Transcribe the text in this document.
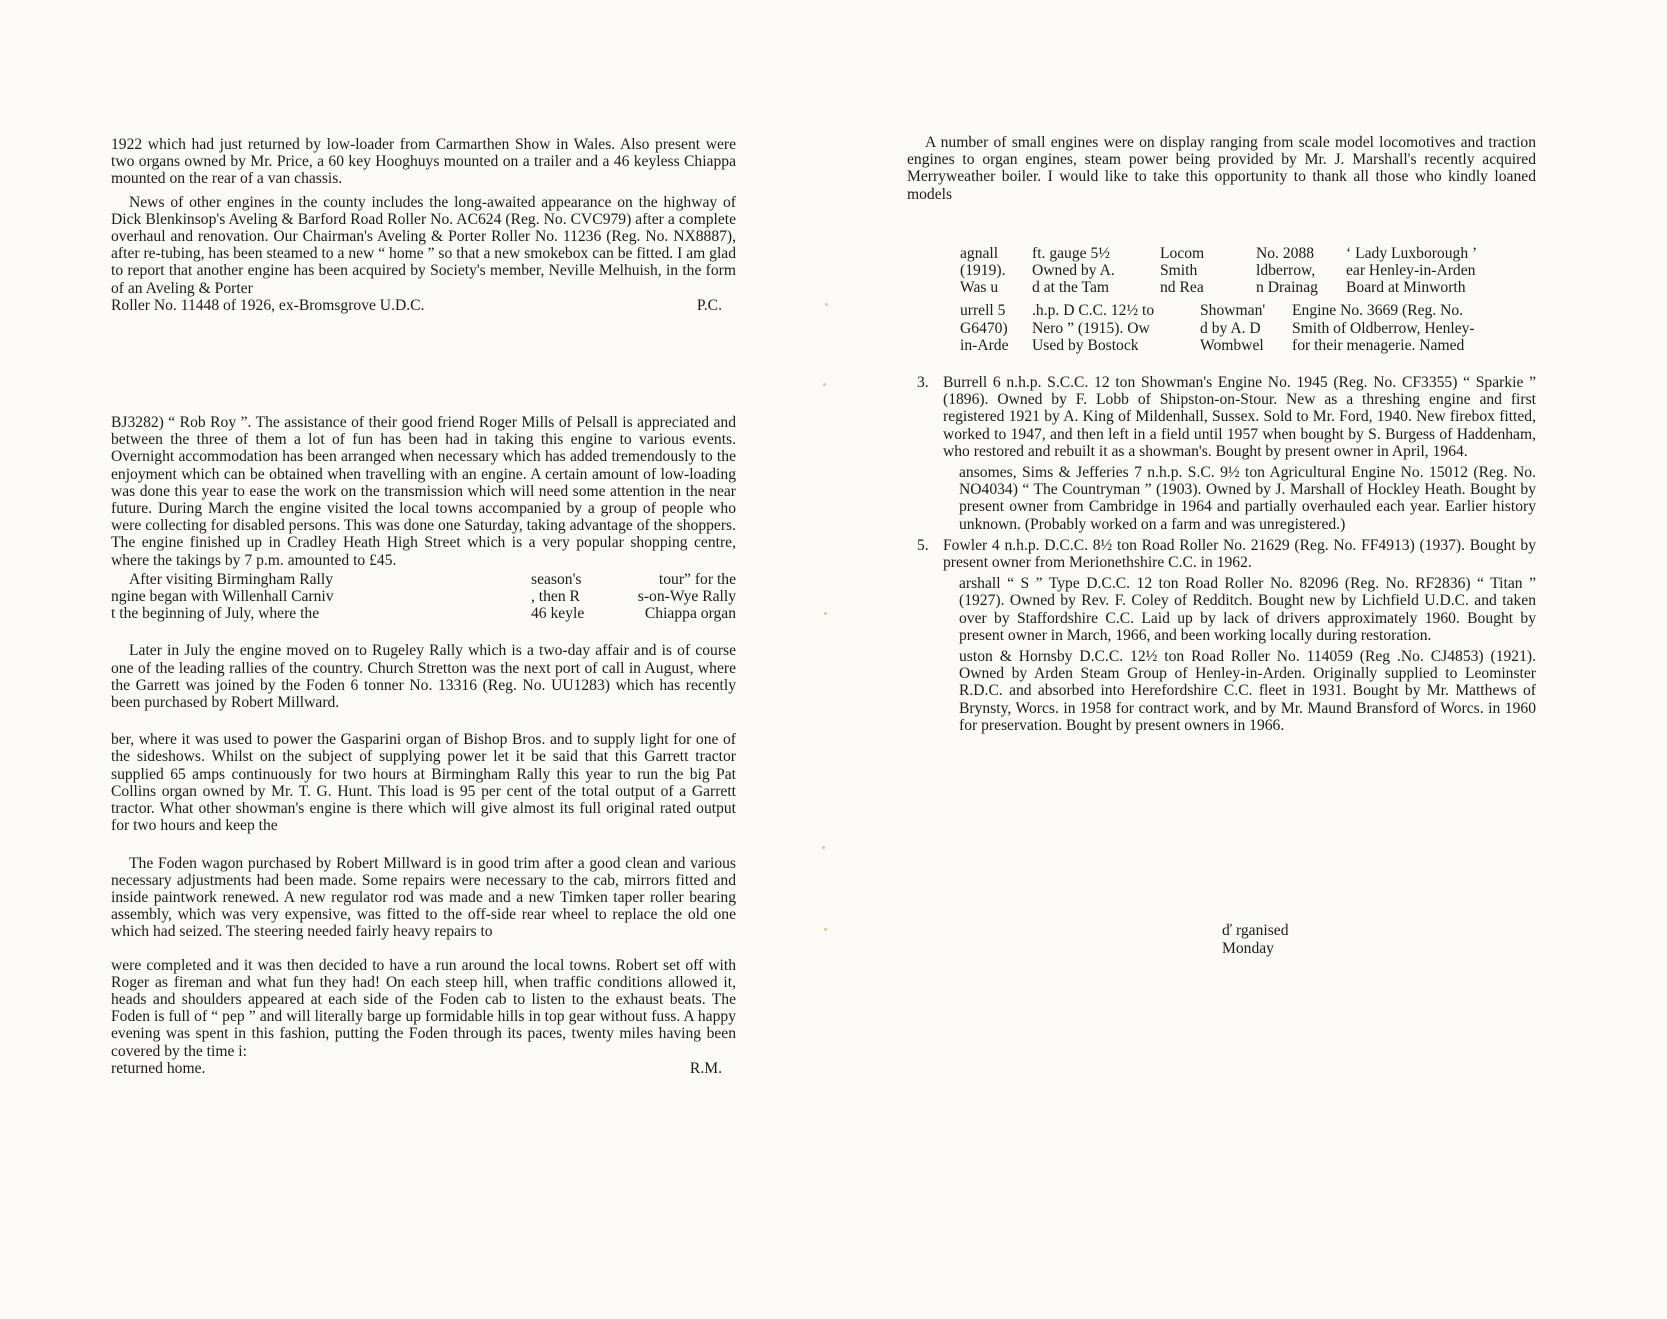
1922 which had just returned by low-loader from Carmarthen Show in Wales. Also present were two organs owned by Mr. Price, a 60 key Hooghuys mounted on a trailer and a 46 keyless Chiappa mounted on the rear of a van chassis.

News of other engines in the county includes the long-awaited appearance on the highway of Dick Blenkinsop's Aveling & Barford Road Roller No. AC624 (Reg. No. CVC979) after a complete overhaul and renovation. Our Chairman's Aveling & Porter Roller No. 11236 (Reg. No. NX8887), after re-tubing, has been steamed to a new “ home ” so that a new smokebox can be fitted. I am glad to report that another engine has been acquired by Society's member, Neville Melhuish, in the form of an Aveling & Porter

Roller No. 11448 of 1926, ex-Bromsgrove U.D.C.	P.C.

BJ3282) “ Rob Roy ”. The assistance of their good friend Roger Mills of Pelsall is appreciated and between the three of them a lot of fun has been had in taking this engine to various events. Overnight accommodation has been arranged when necessary which has added tremendously to the enjoyment which can be obtained when travelling with an engine. A certain amount of low-loading was done this year to ease the work on the transmission which will need some attention in the near future. During March the engine visited the local towns accompanied by a group of people who were collecting for disabled persons. This was done one Saturday, taking advantage of the shoppers. The engine finished up in Cradley Heath High Street which is a very popular shopping centre, where the takings by 7 p.m. amounted to £45.

After visiting Birmingham Rally	season's	tour” for the
ngine began with Willenhall Carniv	, then R	s-on-Wye Rally
t the beginning of July, where the	46 keyle	Chiappa organ

Later in July the engine moved on to Rugeley Rally which is a two-day affair and is of course one of the leading rallies of the country. Church Stretton was the next port of call in August, where the Garrett was joined by the Foden 6 tonner No. 13316 (Reg. No. UU1283) which has recently been purchased by Robert Millward.

ber, where it was used to power the Gasparini organ of Bishop Bros. and to supply light for one of the sideshows. Whilst on the subject of supplying power let it be said that this Garrett tractor supplied 65 amps continuously for two hours at Birmingham Rally this year to run the big Pat Collins organ owned by Mr. T. G. Hunt. This load is 95 per cent of the total output of a Garrett tractor. What other showman's engine is there which will give almost its full original rated output for two hours and keep the

The Foden wagon purchased by Robert Millward is in good trim after a good clean and various necessary adjustments had been made. Some repairs were necessary to the cab, mirrors fitted and inside paintwork renewed. A new regulator rod was made and a new Timken taper roller bearing assembly, which was very expensive, was fitted to the off-side rear wheel to replace the old one which had seized. The steering needed fairly heavy repairs to

were completed and it was then decided to have a run around the local towns. Robert set off with Roger as fireman and what fun they had! On each steep hill, when traffic conditions allowed it, heads and shoulders appeared at each side of the Foden cab to listen to the exhaust beats. The Foden is full of “ pep ” and will literally barge up formidable hills in top gear without fuss. A happy evening was spent in this fashion, putting the Foden through its paces, twenty miles having been covered by the time i:

returned home.	R.M.

A number of small engines were on display ranging from scale model locomotives and traction engines to organ engines, steam power being provided by Mr. J. Marshall's recently acquired Merryweather boiler. I would like to take this opportunity to thank all those who kindly loaned models

agnall	ft. gauge 5½	Locom	No. 2088	‘ Lady Luxborough ’
(1919).	Owned by A.	Smith	ldberrow,	ear Henley-in-Arden
Was u	d at the Tam	nd Rea	n Drainag	Board at Minworth
urrell 5	.h.p. D C.C. 12½ to	Showman'	Engine No. 3669 (Reg. No.
G6470)	Nero ” (1915). Ow	d by A. D	Smith of Oldberrow, Henley-
in-Arde	Used by Bostock	Wombwel	for their menagerie. Named
3. Burrell 6 n.h.p. S.C.C. 12 ton Showman's Engine No. 1945 (Reg. No. CF3355) “ Sparkie ” (1896). Owned by F. Lobb of Shipston-on-Stour. New as a threshing engine and first registered 1921 by A. King of Mildenhall, Sussex. Sold to Mr. Ford, 1940. New firebox fitted, worked to 1947, and then left in a field until 1957 when bought by S. Burgess of Haddenham, who restored and rebuilt it as a showman's. Bought by present owner in April, 1964.

ansomes, Sims & Jefferies 7 n.h.p. S.C. 9½ ton Agricultural Engine No. 15012 (Reg. No. NO4034) “ The Countryman ” (1903). Owned by J. Marshall of Hockley Heath. Bought by present owner from Cambridge in 1964 and partially overhauled each year. Earlier history unknown. (Probably worked on a farm and was unregistered.)

5. Fowler 4 n.h.p. D.C.C. 8½ ton Road Roller No. 21629 (Reg. No. FF4913) (1937). Bought by present owner from Merionethshire C.C. in 1962.

arshall “ S ” Type D.C.C. 12 ton Road Roller No. 82096 (Reg. No. RF2836) “ Titan ” (1927). Owned by Rev. F. Coley of Redditch. Bought new by Lichfield U.D.C. and taken over by Staffordshire C.C. Laid up by lack of drivers approximately 1960. Bought by present owner in March, 1966, and been working locally during restoration.

uston & Hornsby D.C.C. 12½ ton Road Roller No. 114059 (Reg .No. CJ4853) (1921). Owned by Arden Steam Group of Henley-in-Arden. Originally supplied to Leominster R.D.C. and absorbed into Herefordshire C.C. fleet in 1931. Bought by Mr. Matthews of Brynsty, Worcs. in 1958 for contract work, and by Mr. Maund Bransford of Worcs. in 1960 for preservation. Bought by present owners in 1966.

ď rganised
Monday
